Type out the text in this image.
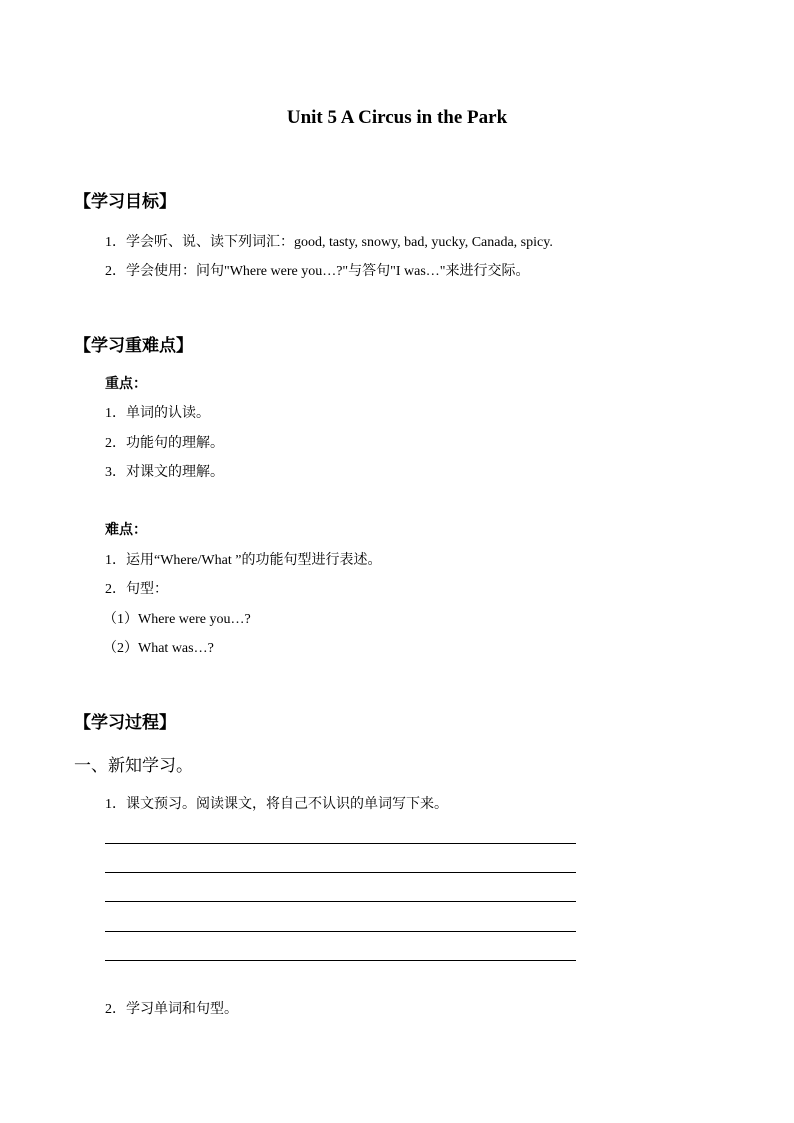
Unit 5 A Circus in the Park
【学习目标】
1．学会听、说、读下列词汇：good, tasty, snowy, bad, yucky, Canada, spicy.
2．学会使用：问句"Where were you…?"与答句"I was…"来进行交际。
【学习重难点】
重点：
1．单词的认读。
2．功能句的理解。
3．对课文的理解。
难点：
1．运用“Where/What ”的功能句型进行表述。
2．句型：
（1）Where were you…?
（2）What was…?
【学习过程】
一、新知学习。
1．课文预习。阅读课文，将自己不认识的单词写下来。
2．学习单词和句型。
